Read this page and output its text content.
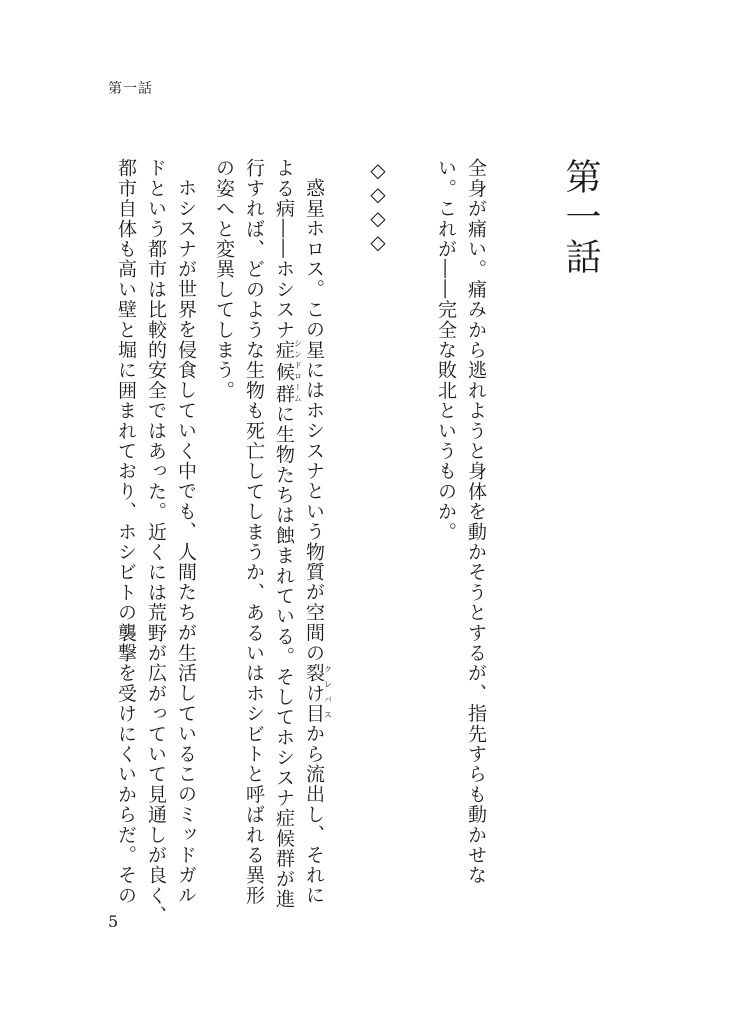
第一話
第一話
◇◇◇◇	全身が痛い。痛みから逃れようと身体を動かそうとするが、指先すらも動かせな
い。これが――完全な敗北というものか。
惑星ホロス。この星にはホシスナという物質が空間の裂け目クレバスから流出し、それに
よる病――ホシスナ症候群シンドロームに生物たちは蝕まれている。そしてホシスナ症候群が進
行すれば、どのような生物も死亡してしまうか、あるいはホシビトと呼ばれる異形
の姿へと変異してしまう。
ホシスナが世界を侵食していく中でも、人間たちが生活しているこのミッドガル
ドという都市は比較的安全ではあった。近くには荒野が広がっていて見通しが良く、
都市自体も高い壁と堀に囲まれており、ホシビトの襲撃を受けにくいからだ。その
5
